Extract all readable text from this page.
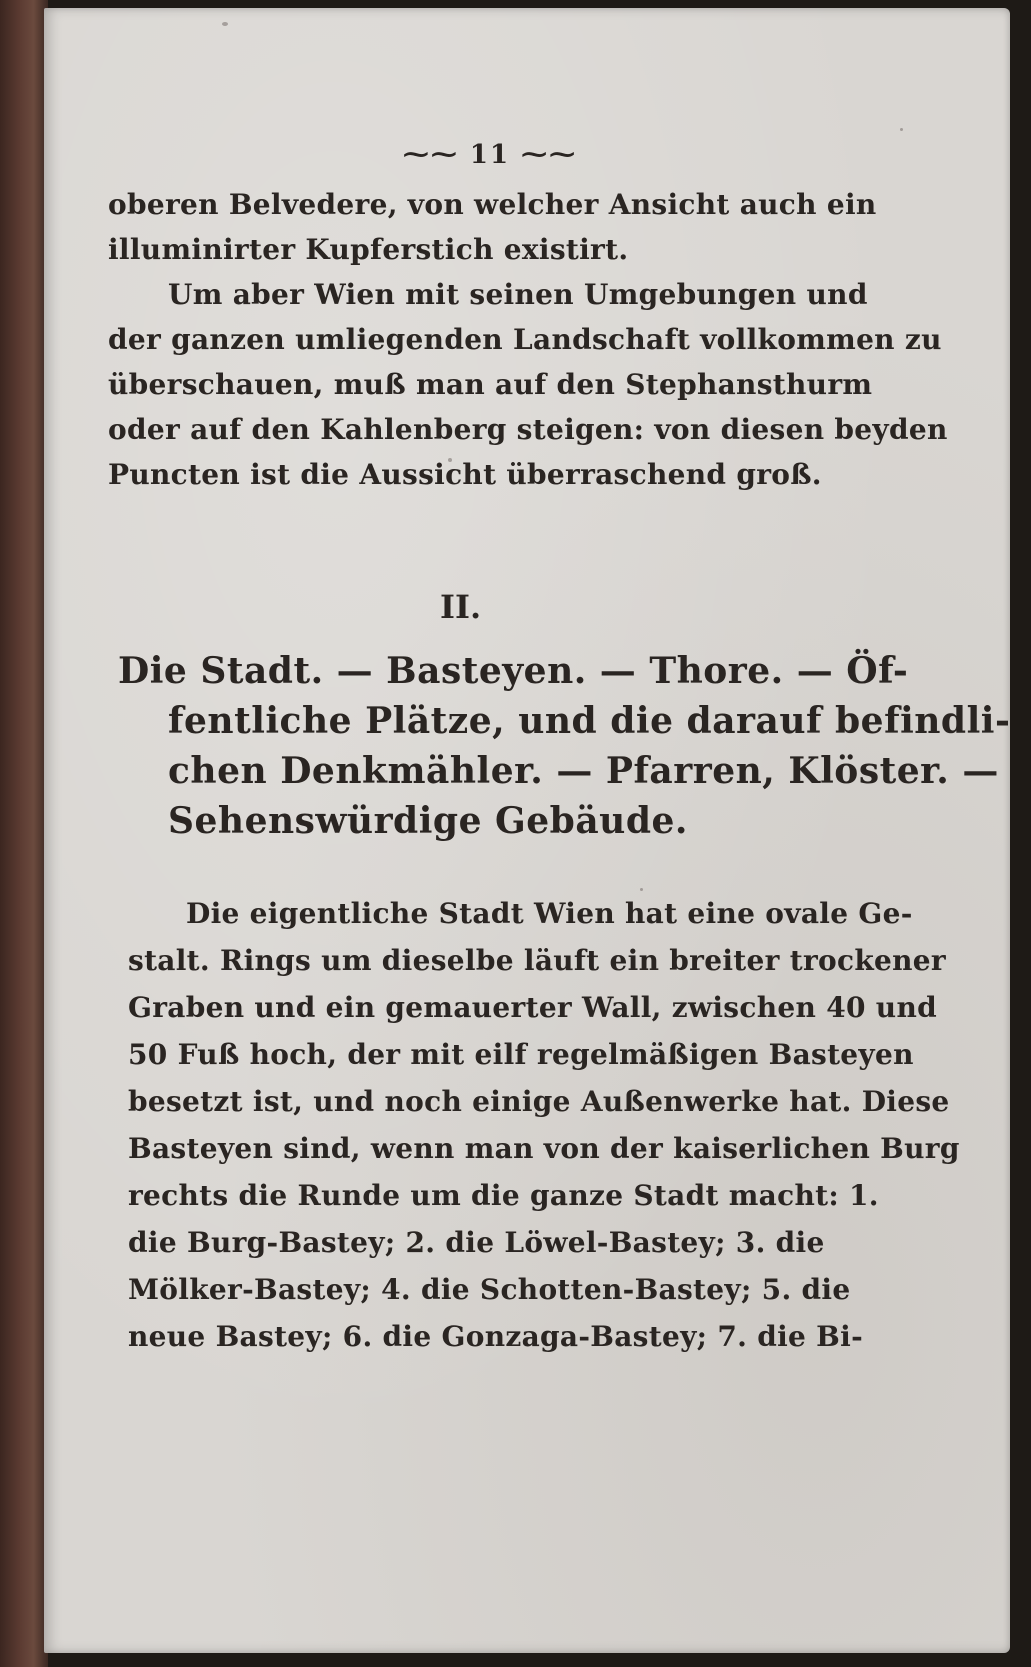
⁓⁓ 11 ⁓⁓
oberen Belvedere, von welcher Ansicht auch ein
illuminirter Kupferstich existirt.
Um aber Wien mit seinen Umgebungen und
der ganzen umliegenden Landschaft vollkommen zu
überschauen, muß man auf den Stephansthurm
oder auf den Kahlenberg steigen: von diesen beyden
Puncten ist die Aussicht überraschend groß.
II.
Die Stadt. — Basteyen. — Thore. — Öf-
fentliche Plätze, und die darauf befindli-
chen Denkmähler. — Pfarren, Klöster. —
Sehenswürdige Gebäude.
Die eigentliche Stadt Wien hat eine ovale Ge-
stalt. Rings um dieselbe läuft ein breiter trockener
Graben und ein gemauerter Wall, zwischen 40 und
50 Fuß hoch, der mit eilf regelmäßigen Basteyen
besetzt ist, und noch einige Außenwerke hat. Diese
Basteyen sind, wenn man von der kaiserlichen Burg
rechts die Runde um die ganze Stadt macht: 1.
die Burg-Bastey; 2. die Löwel-Bastey; 3. die
Mölker-Bastey; 4. die Schotten-Bastey; 5. die
neue Bastey; 6. die Gonzaga-Bastey; 7. die Bi-
